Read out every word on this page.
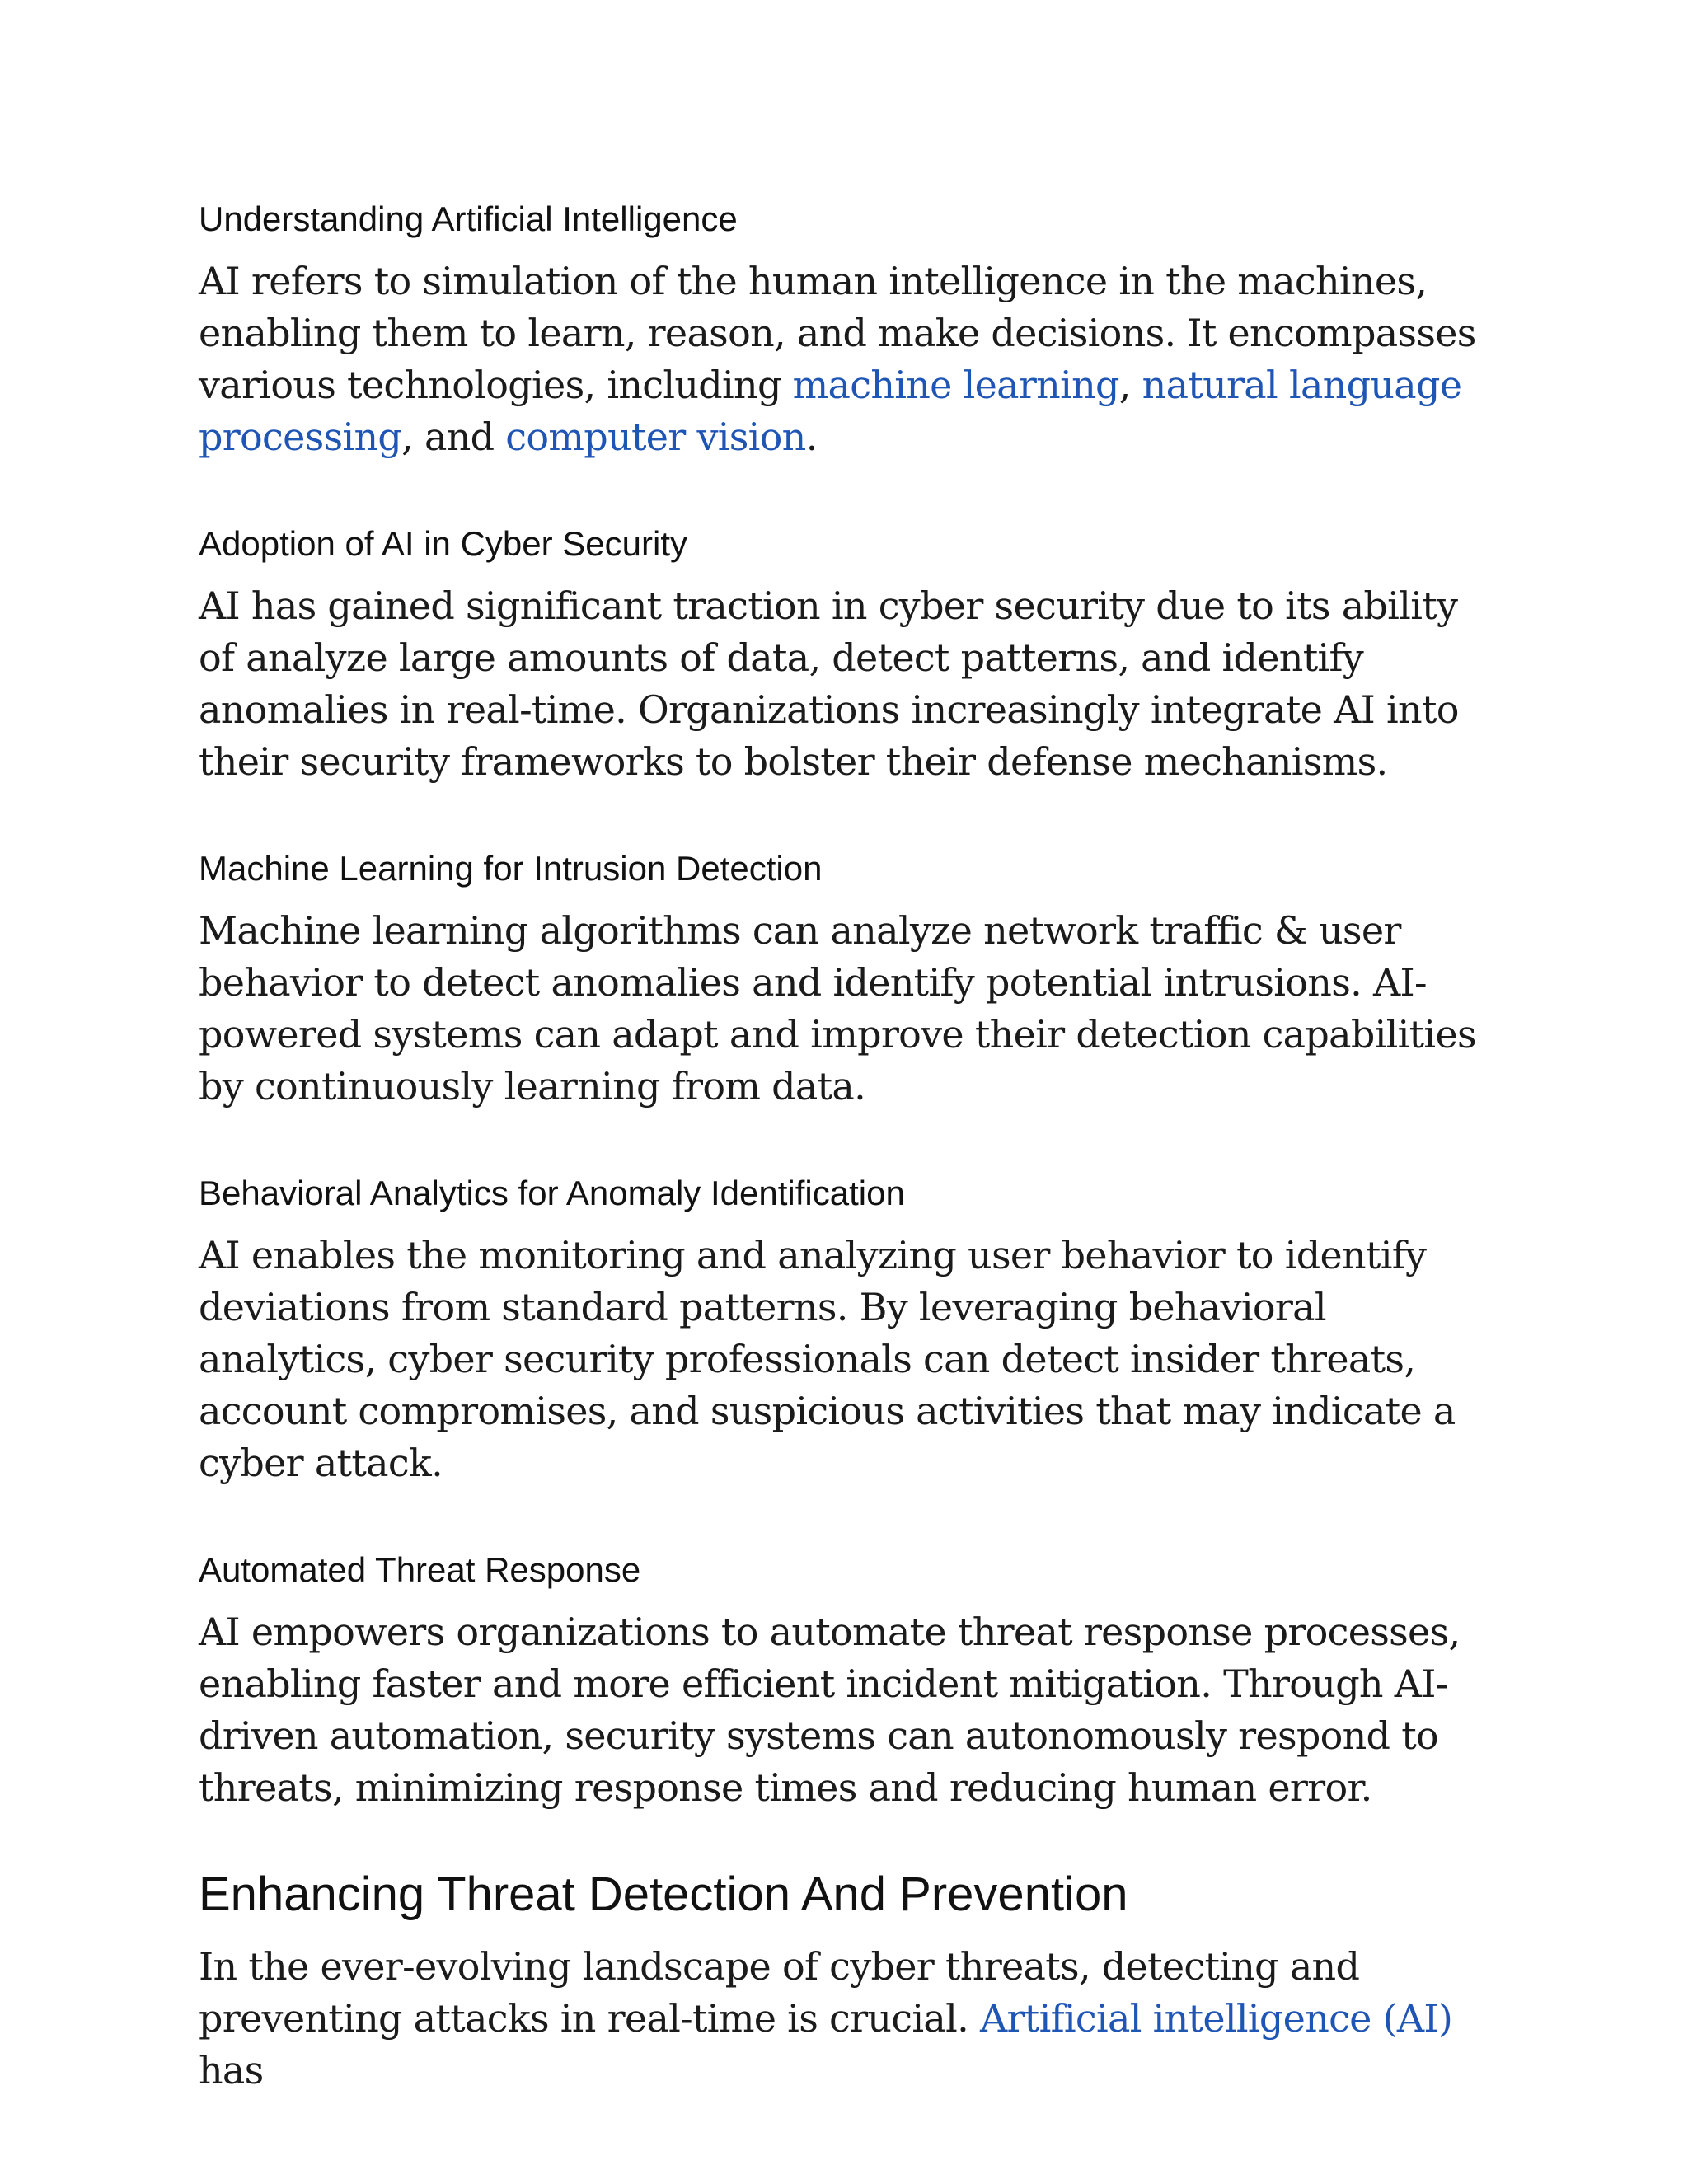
Understanding Artificial Intelligence

AI refers to simulation of the human intelligence in the machines, enabling them to learn, reason, and make decisions. It encompasses various technologies, including machine learning, natural language processing, and computer vision.

Adoption of AI in Cyber Security

AI has gained significant traction in cyber security due to its ability of analyze large amounts of data, detect patterns, and identify anomalies in real-time. Organizations increasingly integrate AI into their security frameworks to bolster their defense mechanisms.

Machine Learning for Intrusion Detection

Machine learning algorithms can analyze network traffic & user behavior to detect anomalies and identify potential intrusions. AI-powered systems can adapt and improve their detection capabilities by continuously learning from data.

Behavioral Analytics for Anomaly Identification

AI enables the monitoring and analyzing user behavior to identify deviations from standard patterns. By leveraging behavioral analytics, cyber security professionals can detect insider threats, account compromises, and suspicious activities that may indicate a cyber attack.

Automated Threat Response

AI empowers organizations to automate threat response processes, enabling faster and more efficient incident mitigation. Through AI-driven automation, security systems can autonomously respond to threats, minimizing response times and reducing human error.

Enhancing Threat Detection And Prevention

In the ever-evolving landscape of cyber threats, detecting and preventing attacks in real-time is crucial. Artificial intelligence (AI) has
